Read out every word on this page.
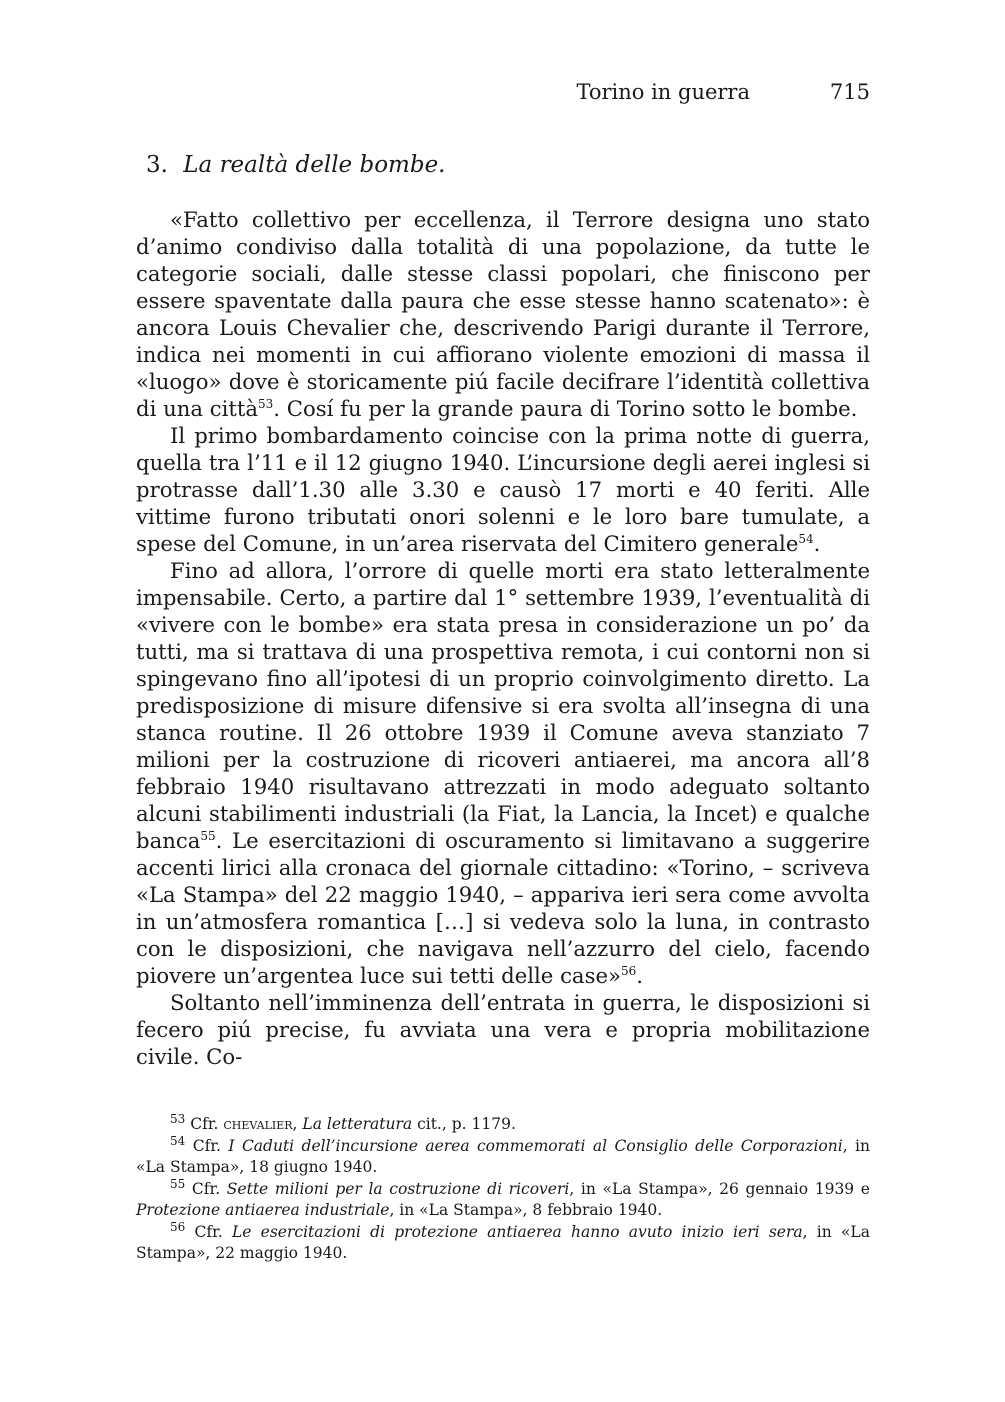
Torino in guerra	715
3. La realtà delle bombe.

«Fatto collettivo per eccellenza, il Terrore designa uno stato d’animo condiviso dalla totalità di una popolazione, da tutte le categorie sociali, dalle stesse classi popolari, che finiscono per essere spaventate dalla paura che esse stesse hanno scatenato»: è ancora Louis Chevalier che, descrivendo Parigi durante il Terrore, indica nei momenti in cui affiorano violente emozioni di massa il «luogo» dove è storicamente piú facile decifrare l’identità collettiva di una città$^{53}$. Cosí fu per la grande paura di Torino sotto le bombe.

Il primo bombardamento coincise con la prima notte di guerra, quella tra l’11 e il 12 giugno 1940. L’incursione degli aerei inglesi si protrasse dall’1.30 alle 3.30 e causò 17 morti e 40 feriti. Alle vittime furono tributati onori solenni e le loro bare tumulate, a spese del Comune, in un’area riservata del Cimitero generale$^{54}$.

Fino ad allora, l’orrore di quelle morti era stato letteralmente impensabile. Certo, a partire dal 1° settembre 1939, l’eventualità di «vivere con le bombe» era stata presa in considerazione un po’ da tutti, ma si trattava di una prospettiva remota, i cui contorni non si spingevano fino all’ipotesi di un proprio coinvolgimento diretto. La predisposizione di misure difensive si era svolta all’insegna di una stanca routine. Il 26 ottobre 1939 il Comune aveva stanziato 7 milioni per la costruzione di ricoveri antiaerei, ma ancora all’8 febbraio 1940 risultavano attrezzati in modo adeguato soltanto alcuni stabilimenti industriali (la Fiat, la Lancia, la Incet) e qualche banca$^{55}$. Le esercitazioni di oscuramento si limitavano a suggerire accenti lirici alla cronaca del giornale cittadino: «Torino, – scriveva «La Stampa» del 22 maggio 1940, – appariva ieri sera come avvolta in un’atmosfera romantica […] si vedeva solo la luna, in contrasto con le disposizioni, che navigava nell’azzurro del cielo, facendo piovere un’argentea luce sui tetti delle case»$^{56}$.

Soltanto nell’imminenza dell’entrata in guerra, le disposizioni si fecero piú precise, fu avviata una vera e propria mobilitazione civile. Co-

$^{53}$ Cfr. chevalier, La letteratura cit., p. 1179.

$^{54}$ Cfr. I Caduti dell’incursione aerea commemorati al Consiglio delle Corporazioni, in «La Stampa», 18 giugno 1940.

$^{55}$ Cfr. Sette milioni per la costruzione di ricoveri, in «La Stampa», 26 gennaio 1939 e Protezione antiaerea industriale, in «La Stampa», 8 febbraio 1940.

$^{56}$ Cfr. Le esercitazioni di protezione antiaerea hanno avuto inizio ieri sera, in «La Stampa», 22 maggio 1940.
